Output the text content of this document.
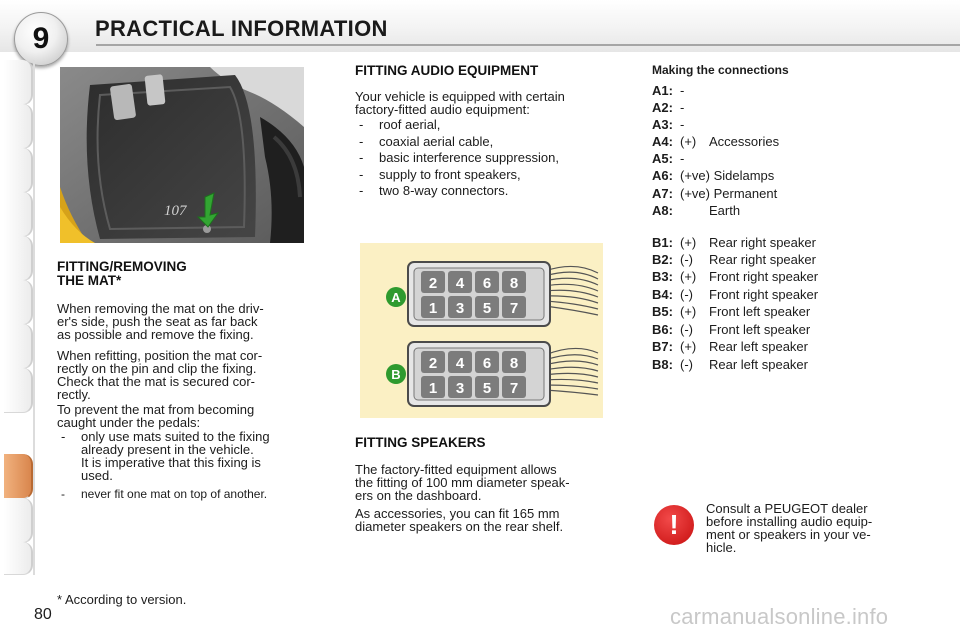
9 PRACTICAL INFORMATION
107
FITTING/REMOVING
THE MAT*
When removing the mat on the driv-
er's side, push the seat as far back
as possible and remove the fixing.
When refitting, position the mat cor-
rectly on the pin and clip the fixing.
Check that the mat is secured cor-
rectly.
To prevent the mat from becoming
caught under the pedals:
- only use mats suited to the fixing
already present in the vehicle.
It is imperative that this fixing is
used.
- never fit one mat on top of another.
FITTING AUDIO EQUIPMENT
Your vehicle is equipped with certain
factory-fitted audio equipment:
- roof aerial,
- coaxial aerial cable,
- basic interference suppression,
- supply to front speakers,
- two 8-way connectors.
2 4 6 8
1 3 5 7
A
2 4 6 8
1 3 5 7
B
FITTING SPEAKERS
The factory-fitted equipment allows
the fitting of 100 mm diameter speak-
ers on the dashboard.
As accessories, you can fit 165 mm
diameter speakers on the rear shelf.
Making the connections
A1: -
A2: -
A3: -
A4: (+) Accessories
A5: -
A6: (+ve) Sidelamps
A7: (+ve) Permanent
A8:	Earth
B1: (+) Rear right speaker
B2: (-) Rear right speaker
B3: (+) Front right speaker
B4: (-) Front right speaker
B5: (+) Front left speaker
B6: (-) Front left speaker
B7: (+) Rear left speaker
B8: (-) Rear left speaker
!
Consult a PEUGEOT dealer
before installing audio equip-
ment or speakers in your ve-
hicle.
* According to version.
80	carmanualsonline.info
